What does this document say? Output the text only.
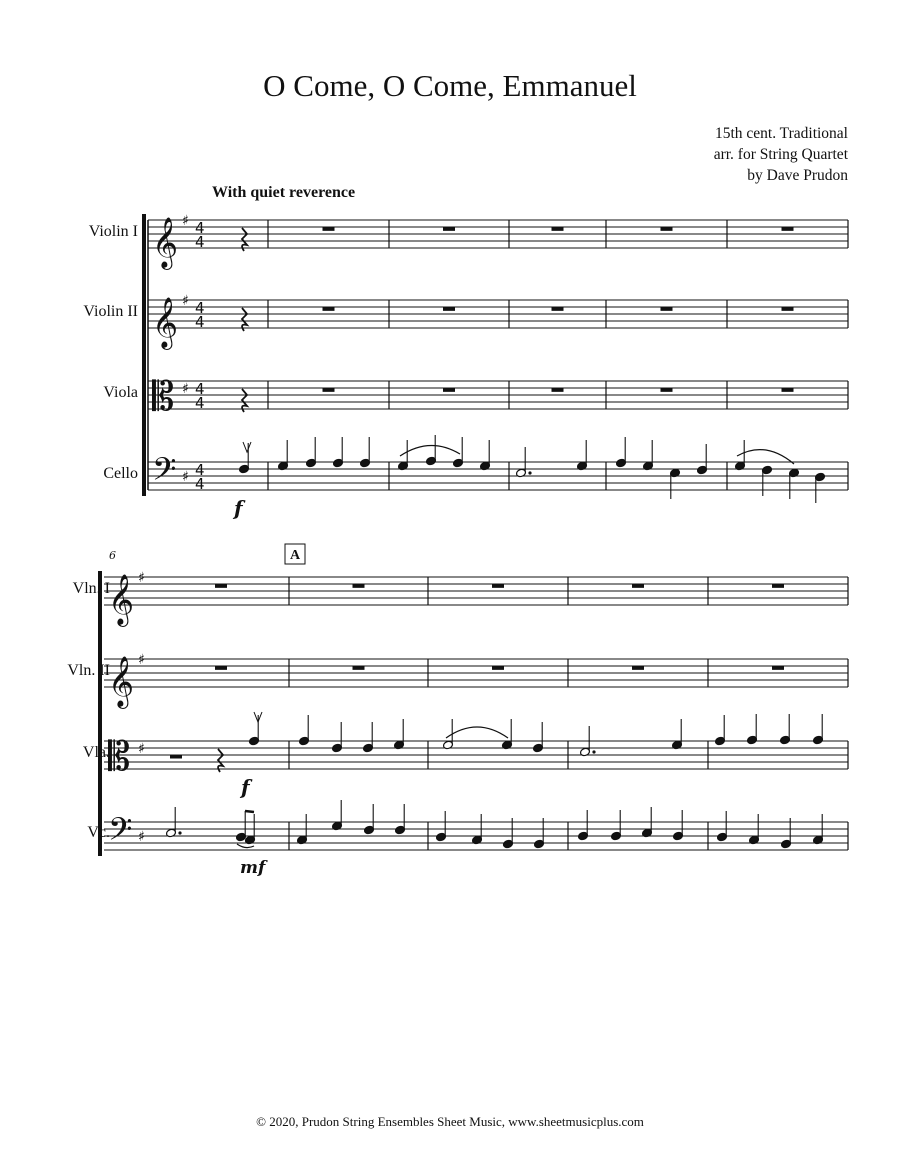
O Come, O Come, Emmanuel
15th cent. Traditional
arr. for String Quartet
by Dave Prudon
With quiet reverence
Violin I
Violin II
Viola
Cello
Vln. I
Vln. II
Vla.
Vc.
© 2020, Prudon String Ensembles Sheet Music, www.sheetmusicplus.com
𝄞 ♯ 4
4
𝄞 ♯ 4
4
𝄡 ♯ 4
4
𝄢 ♯ 4
4
𝄞 ♯
𝄞 ♯
𝄡 ♯
𝄢 ♯
f
6	A
f
mf
